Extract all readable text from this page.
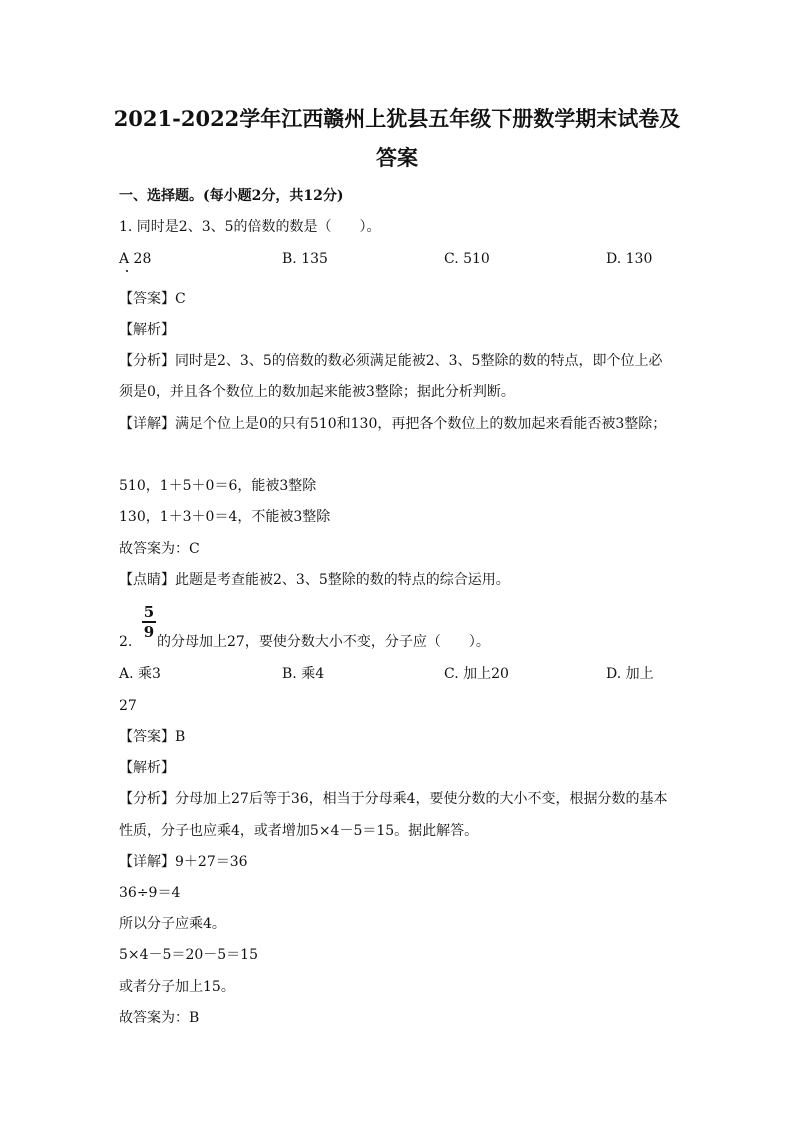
2021-2022学年江西赣州上犹县五年级下册数学期末试卷及
答案
一、选择题。(每小题2分，共12分)
1. 同时是2、3、5的倍数的数是（　　）。
A 28	B. 135	C. 510	D. 130
【答案】C
【解析】
【分析】同时是2、3、5的倍数的数必须满足能被2、3、5整除的数的特点，即个位上必
须是0，并且各个数位上的数加起来能被3整除；据此分析判断。
【详解】满足个位上是0的只有510和130，再把各个数位上的数加起来看能否被3整除；
510，1＋5＋0＝6，能被3整除
130，1＋3＋0＝4，不能被3整除
故答案为：C
【点睛】此题是考查能被2、3、5整除的数的特点的综合运用。
5
9
2. 的分母加上27，要使分数大小不变，分子应（　　）。
A. 乘3	B. 乘4	C. 加上20	D. 加上
27
【答案】B
【解析】
【分析】分母加上27后等于36，相当于分母乘4，要使分数的大小不变，根据分数的基本
性质，分子也应乘4，或者增加5×4－5＝15。据此解答。
【详解】9＋27＝36
36÷9＝4
所以分子应乘4。
5×4－5＝20－5＝15
或者分子加上15。
故答案为：B
